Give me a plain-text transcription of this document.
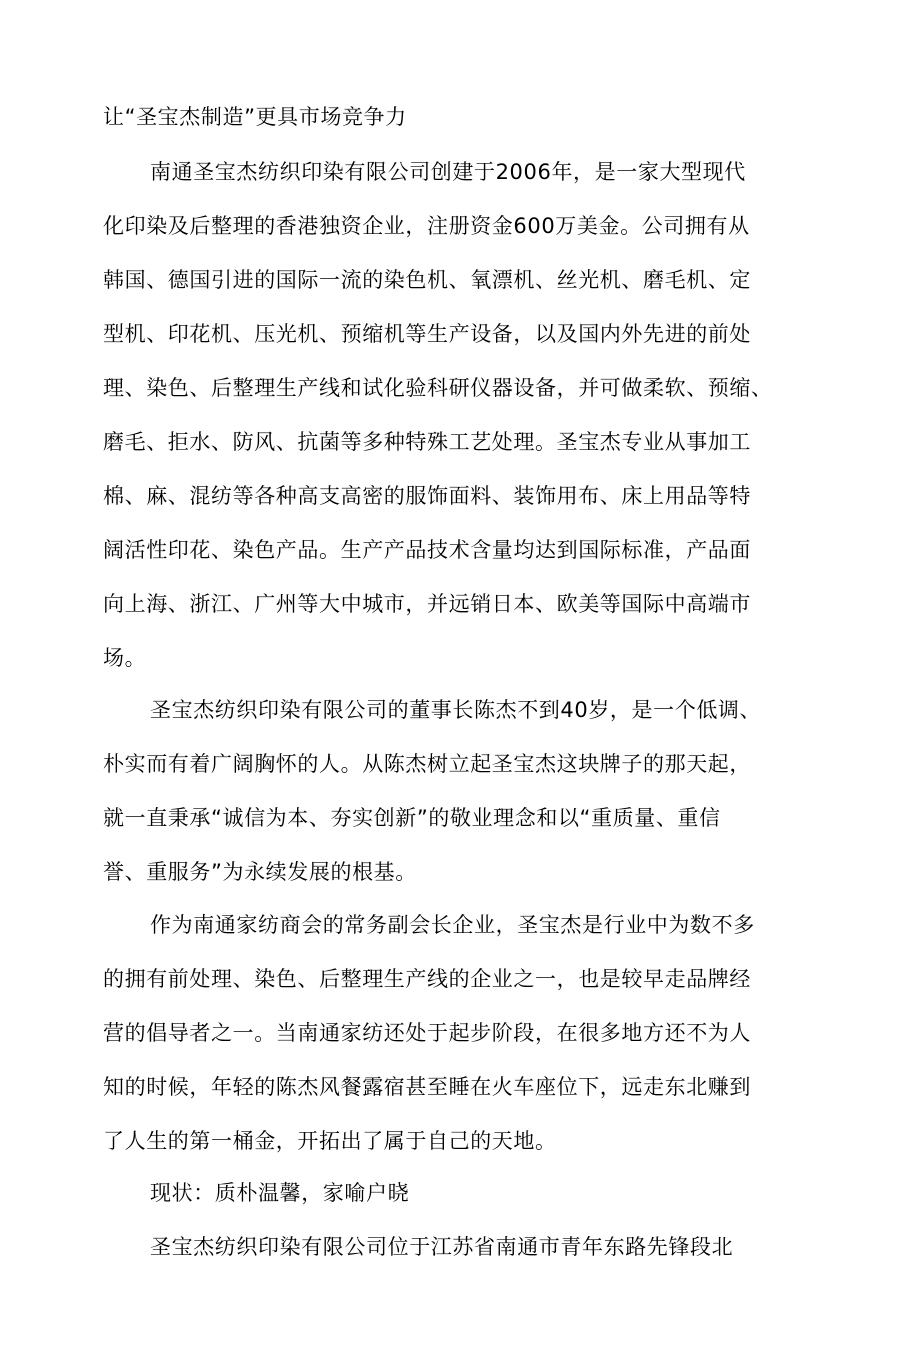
让“圣宝杰制造”更具市场竞争力
南通圣宝杰纺织印染有限公司创建于2006年，是一家大型现代
化印染及后整理的香港独资企业，注册资金600万美金。公司拥有从
韩国、德国引进的国际一流的染色机、氧漂机、丝光机、磨毛机、定
型机、印花机、压光机、预缩机等生产设备，以及国内外先进的前处
理、染色、后整理生产线和试化验科研仪器设备，并可做柔软、预缩、
磨毛、拒水、防风、抗菌等多种特殊工艺处理。圣宝杰专业从事加工
棉、麻、混纺等各种高支高密的服饰面料、装饰用布、床上用品等特
阔活性印花、染色产品。生产产品技术含量均达到国际标准，产品面
向上海、浙江、广州等大中城市，并远销日本、欧美等国际中高端市
场。
圣宝杰纺织印染有限公司的董事长陈杰不到40岁，是一个低调、
朴实而有着广阔胸怀的人。从陈杰树立起圣宝杰这块牌子的那天起，
就一直秉承“诚信为本、夯实创新”的敬业理念和以“重质量、重信
誉、重服务”为永续发展的根基。
作为南通家纺商会的常务副会长企业，圣宝杰是行业中为数不多
的拥有前处理、染色、后整理生产线的企业之一，也是较早走品牌经
营的倡导者之一。当南通家纺还处于起步阶段，在很多地方还不为人
知的时候，年轻的陈杰风餐露宿甚至睡在火车座位下，远走东北赚到
了人生的第一桶金，开拓出了属于自己的天地。
现状：质朴温馨，家喻户晓
圣宝杰纺织印染有限公司位于江苏省南通市青年东路先锋段北
